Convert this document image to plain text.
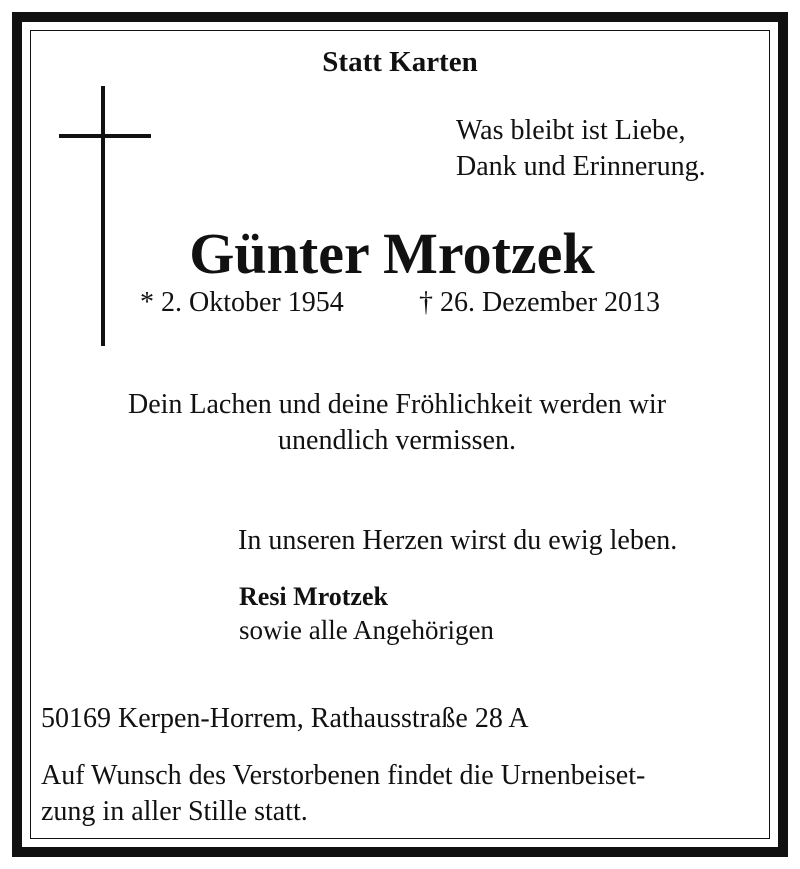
Statt Karten
Was bleibt ist Liebe,
Dank und Erinnerung.
Günter Mrotzek
* 2. Oktober 1954	† 26. Dezember 2013
Dein Lachen und deine Fröhlichkeit werden wir
unendlich vermissen.
In unseren Herzen wirst du ewig leben.
Resi Mrotzek
sowie alle Angehörigen
50169 Kerpen-Horrem, Rathausstraße 28 A
Auf Wunsch des Verstorbenen findet die Urnenbeiset-
zung in aller Stille statt.
